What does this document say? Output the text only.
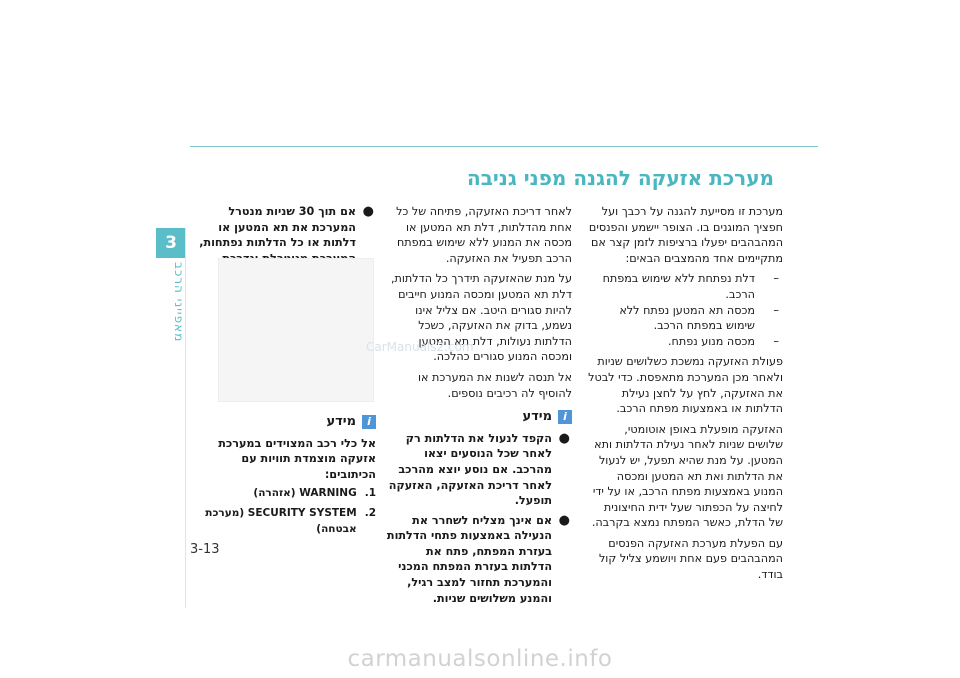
3
מאפייני הרכב
מערכת אזעקה להגנה מפני גניבה

מערכת זו מסייעת להגנה על רכבך ועל חפציך המוגנים בו. הצופר יישמע והפנסים המהבהבים יפעלו ברציפות לזמן קצר אם מתקיימים אחד מהמצבים הבאים:

–
דלת נפתחת ללא שימוש במפתח הרכב.
–
מכסה תא המטען נפתח ללא שימוש במפתח הרכב.
–
מכסה מנוע נפתח.

פעולת האזעקה נמשכת כשלושים שניות ולאחר מכן המערכת מתאפסת. כדי לבטל את האזעקה, לחץ על לחצן נעילת הדלתות או באמצעות מפתח הרכב.

האזעקה מופעלת באופן אוטומטי, שלושים שניות לאחר נעילת הדלתות ותא המטען. על מנת שהיא תפעל, יש לנעול את הדלתות ואת תא המטען ומכסה המנוע באמצעות מפתח הרכב, או על ידי לחיצה על הכפתור שעל ידית החיצונית של הדלת, כאשר המפתח נמצא בקרבה.

עם הפעלת מערכת האזעקה הפנסים המהבהבים פעם אחת ויושמע צליל קול בודד.

לאחר דריכת האזעקה, פתיחה של כל אחת מהדלתות, דלת תא המטען או מכסה את המנוע ללא שימוש במפתח הרכב תפעיל את האזעקה.

על מנת שהאזעקה תידרך כל הדלתות, דלת תא המטען ומכסה המנוע חייבים להיות סגורים היטב. אם צליל אינו נשמע, בדוק את האזעקה, כשכל הדלתות נעולות, דלת תא המטען ומכסה המנוע סגורים כהלכה.

אל תנסה לשנות את המערכת או להוסיף לה רכיבים נוספים.

i
מידע
●
הקפד לנעול את הדלתות רק לאחר שכל הנוסעים יצאו מהרכב. אם נוסע יוצא מהרכב לאחר דריכת האזעקה, האזעקה תופעל.
●
אם אינך מצליח לשחרר את הנעילה באמצעות פתחי הדלתות בעזרת המפתח, פתח את הדלתות בעזרת המפתח המכני והמערכת תחזור למצב רגיל, והמנע משלושים שניות.
●
אם תוך 30 שניות מנטרל המערכת את תא המטען או דלתות או כל הדלתות נפתחות,
CarManuals2.com
i
מידע

אל כלי רכב המצוידים במערכת אזעקה מוצמדת תוויות עם הכיתובים:

1.
WARNING (אזהרה)
2.
SECURITY SYSTEM (מערכת אבטחה)
3-13
carmanualsonline.info
